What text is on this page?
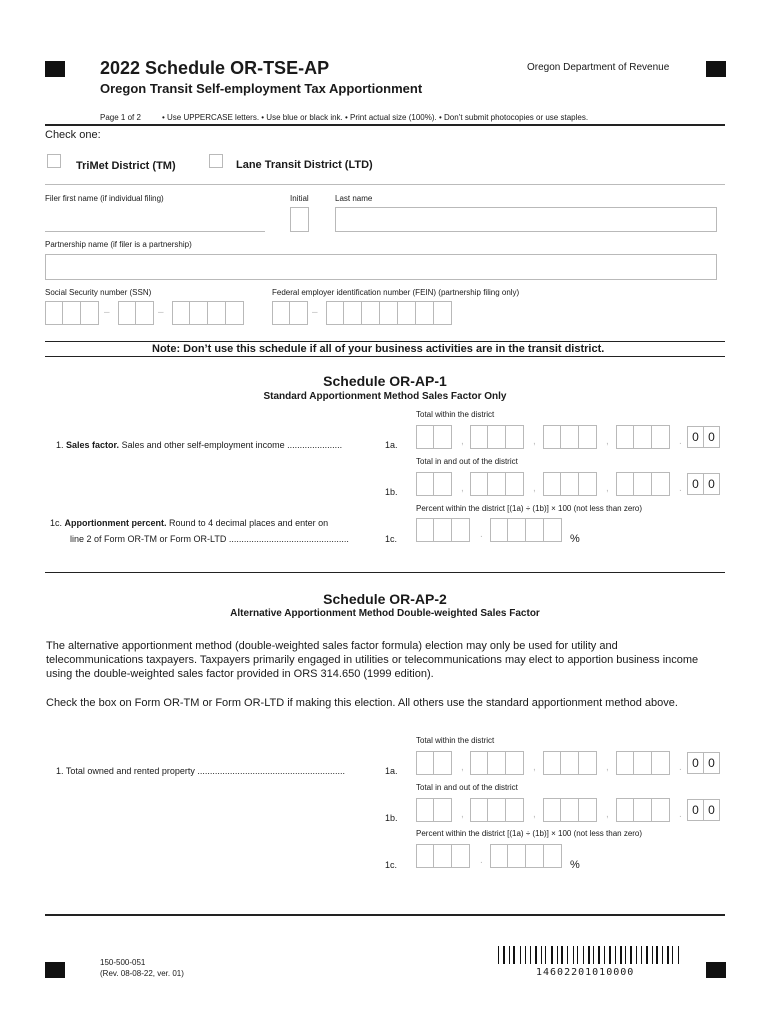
2022 Schedule OR-TSE-AP	Oregon Department of Revenue
Oregon Transit Self-employment Tax Apportionment
Page 1 of 2	• Use UPPERCASE letters. • Use blue or black ink. • Print actual size (100%). • Don’t submit photocopies or use staples.
Check one:
TriMet District (TM)	Lane Transit District (LTD)
Filer first name (if individual filing)	Initial	Last name
Partnership name (if filer is a partnership)
Social Security number (SSN)	Federal employer identification number (FEIN) (partnership filing only)
–	–	–
Note: Don’t use this schedule if all of your business activities are in the transit district.
Schedule OR-AP-1
Standard Apportionment Method Sales Factor Only
Total within the district
1. Sales factor. Sales and other self-employment income ......................	1a.	,	,	,	. 0 0
Total in and out of the district
1b.	,	,	,	. 0 0
Percent within the district [(1a) ÷ (1b)] × 100 (not less than zero)
1c. Apportionment percent. Round to 4 decimal places and enter on
line 2 of Form OR-TM or Form OR-LTD ................................................	1c.	.	%
Schedule OR-AP-2
Alternative Apportionment Method Double-weighted Sales Factor
The alternative apportionment method (double-weighted sales factor formula) election may only be used for utility and
telecommunications taxpayers. Taxpayers primarily engaged in utilities or telecommunications may elect to apportion business income
using the double-weighted sales factor provided in ORS 314.650 (1999 edition).
Check the box on Form OR-TM or Form OR-LTD if making this election. All others use the standard apportionment method above.
Total within the district
1. Total owned and rented property ...........................................................	1a.	,	,	,	. 0 0
Total in and out of the district
1b.	,	,	,	. 0 0
Percent within the district [(1a) ÷ (1b)] × 100 (not less than zero)
1c.	.	%
150-500-051
(Rev. 08-08-22, ver. 01)	14602201010000
